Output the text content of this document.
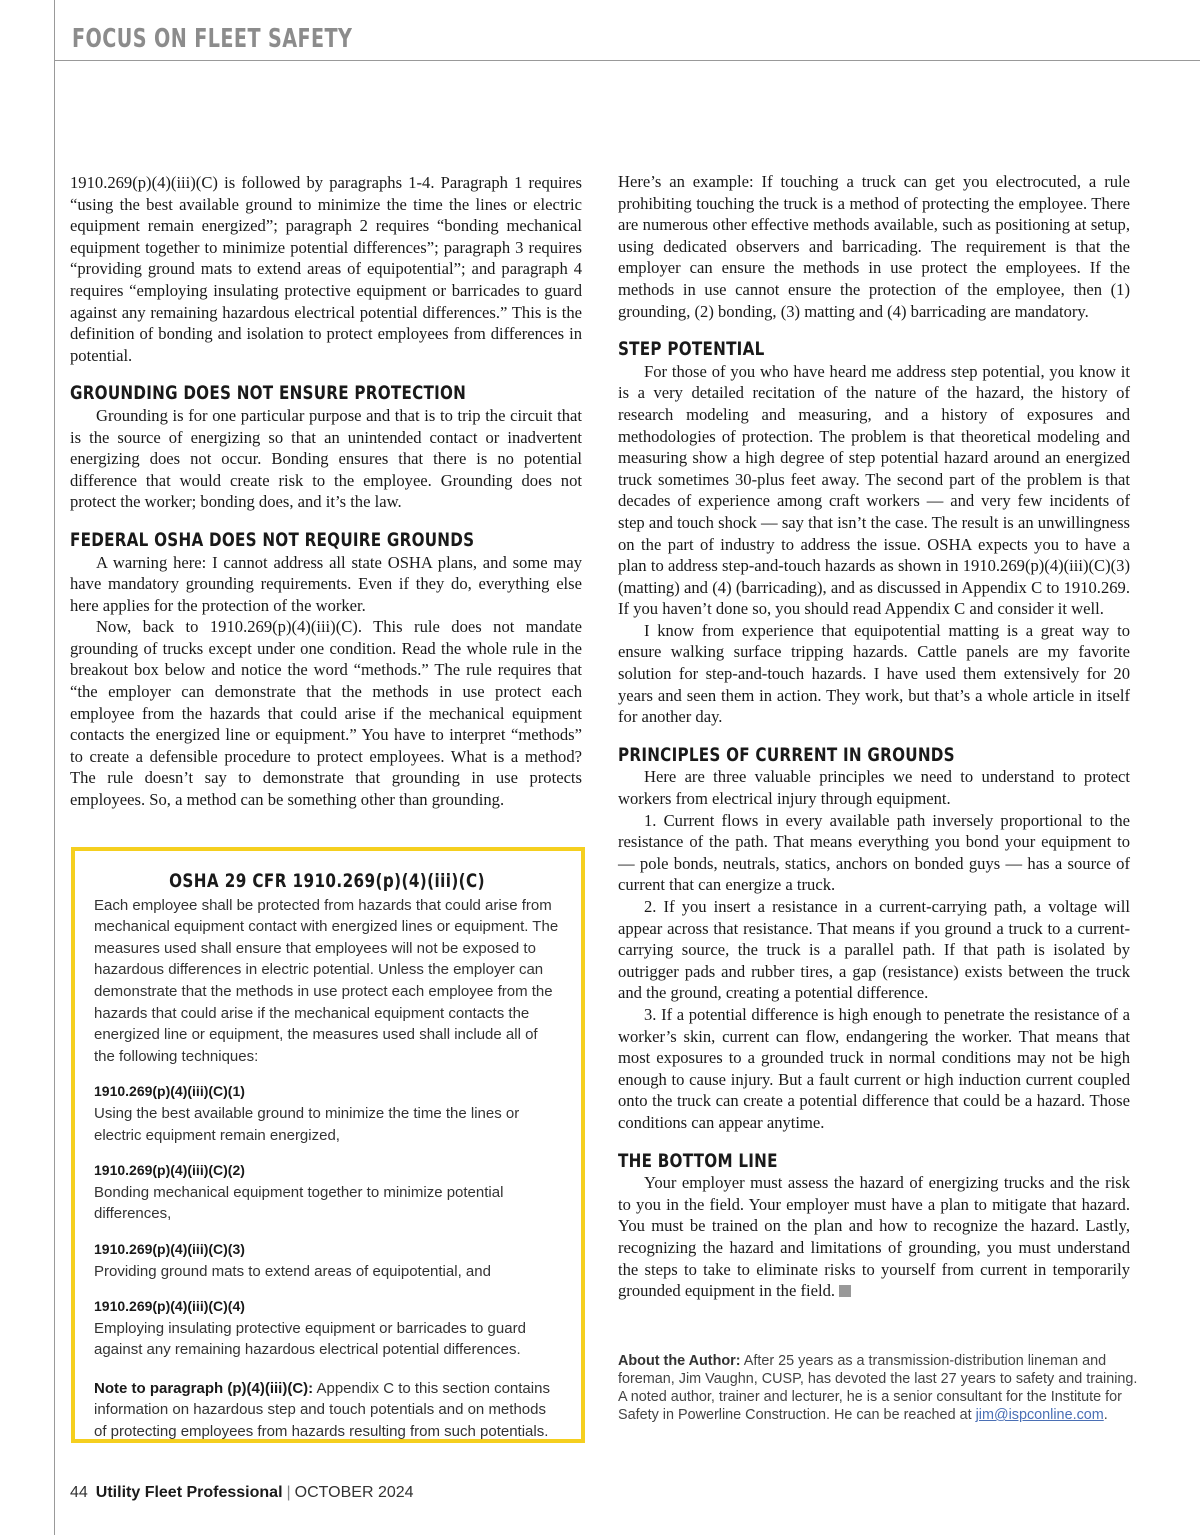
FOCUS ON FLEET SAFETY

1910.269(p)(4)(iii)(C) is followed by paragraphs 1-4. Paragraph 1 requires “using the best available ground to minimize the time the lines or electric equipment remain energized”; paragraph 2 requires “bonding mechanical equipment together to minimize potential differences”; paragraph 3 requires “providing ground mats to extend areas of equipotential”; and paragraph 4 requires “employing insulating protective equipment or barricades to guard against any remaining hazardous electrical potential differences.” This is the definition of bonding and isolation to protect employees from differences in potential.

GROUNDING DOES NOT ENSURE PROTECTION

Grounding is for one particular purpose and that is to trip the circuit that is the source of energizing so that an unintended contact or inadvertent energizing does not occur. Bonding ensures that there is no potential difference that would create risk to the employee. Grounding does not protect the worker; bonding does, and it’s the law.

FEDERAL OSHA DOES NOT REQUIRE GROUNDS

A warning here: I cannot address all state OSHA plans, and some may have mandatory grounding requirements. Even if they do, everything else here applies for the protection of the worker.

Now, back to 1910.269(p)(4)(iii)(C). This rule does not mandate grounding of trucks except under one condition. Read the whole rule in the breakout box below and notice the word “methods.” The rule requires that “the employer can demonstrate that the methods in use protect each employee from the hazards that could arise if the mechanical equipment contacts the energized line or equipment.” You have to interpret “methods” to create a defensible procedure to protect employees. What is a method? The rule doesn’t say to demonstrate that grounding in use protects employees. So, a method can be something other than grounding.

OSHA 29 CFR 1910.269(p)(4)(iii)(C)

Each employee shall be protected from hazards that could arise from mechanical equipment contact with energized lines or equipment. The measures used shall ensure that employees will not be exposed to hazardous differences in electric potential. Unless the employer can demonstrate that the methods in use protect each employee from the hazards that could arise if the mechanical equipment contacts the energized line or equipment, the measures used shall include all of the following techniques:

1910.269(p)(4)(iii)(C)(1)

Using the best available ground to minimize the time the lines or electric equipment remain energized,

1910.269(p)(4)(iii)(C)(2)

Bonding mechanical equipment together to minimize potential differences,

1910.269(p)(4)(iii)(C)(3)

Providing ground mats to extend areas of equipotential, and

1910.269(p)(4)(iii)(C)(4)

Employing insulating protective equipment or barricades to guard against any remaining hazardous electrical potential differences.

Note to paragraph (p)(4)(iii)(C): Appendix C to this section contains information on hazardous step and touch potentials and on methods of protecting employees from hazards resulting from such potentials.

Here’s an example: If touching a truck can get you electrocuted, a rule prohibiting touching the truck is a method of protecting the employee. There are numerous other effective methods available, such as positioning at setup, using dedicated observers and barricading. The requirement is that the employer can ensure the methods in use protect the employees. If the methods in use cannot ensure the protection of the employee, then (1) grounding, (2) bonding, (3) matting and (4) barricading are mandatory.

STEP POTENTIAL

For those of you who have heard me address step potential, you know it is a very detailed recitation of the nature of the hazard, the history of research modeling and measuring, and a history of exposures and methodologies of protection. The problem is that theoretical modeling and measuring show a high degree of step potential hazard around an energized truck sometimes 30-plus feet away. The second part of the problem is that decades of experience among craft workers — and very few incidents of step and touch shock — say that isn’t the case. The result is an unwillingness on the part of industry to address the issue. OSHA expects you to have a plan to address step-and-touch hazards as shown in 1910.269(p)(4)(iii)(C)(3) (matting) and (4) (barricading), and as discussed in Appendix C to 1910.269. If you haven’t done so, you should read Appendix C and consider it well.

I know from experience that equipotential matting is a great way to ensure walking surface tripping hazards. Cattle panels are my favorite solution for step-and-touch hazards. I have used them extensively for 20 years and seen them in action. They work, but that’s a whole article in itself for another day.

PRINCIPLES OF CURRENT IN GROUNDS

Here are three valuable principles we need to understand to protect workers from electrical injury through equipment.

1. Current flows in every available path inversely proportional to the resistance of the path. That means everything you bond your equipment to — pole bonds, neutrals, statics, anchors on bonded guys — has a source of current that can energize a truck.

2. If you insert a resistance in a current-carrying path, a voltage will appear across that resistance. That means if you ground a truck to a current-carrying source, the truck is a parallel path. If that path is isolated by outrigger pads and rubber tires, a gap (resistance) exists between the truck and the ground, creating a potential difference.

3. If a potential difference is high enough to penetrate the resistance of a worker’s skin, current can flow, endangering the worker. That means that most exposures to a grounded truck in normal conditions may not be high enough to cause injury. But a fault current or high induction current coupled onto the truck can create a potential difference that could be a hazard. Those conditions can appear anytime.

THE BOTTOM LINE

Your employer must assess the hazard of energizing trucks and the risk to you in the field. Your employer must have a plan to mitigate that hazard. You must be trained on the plan and how to recognize the hazard. Lastly, recognizing the hazard and limitations of grounding, you must understand the steps to take to eliminate risks to yourself from current in temporarily grounded equipment in the field.

About the Author: After 25 years as a transmission-distribution lineman and foreman, Jim Vaughn, CUSP, has devoted the last 27 years to safety and training. A noted author, trainer and lecturer, he is a senior consultant for the Institute for Safety in Powerline Construction. He can be reached at jim@ispconline.com.
44 Utility Fleet Professional | OCTOBER 2024
